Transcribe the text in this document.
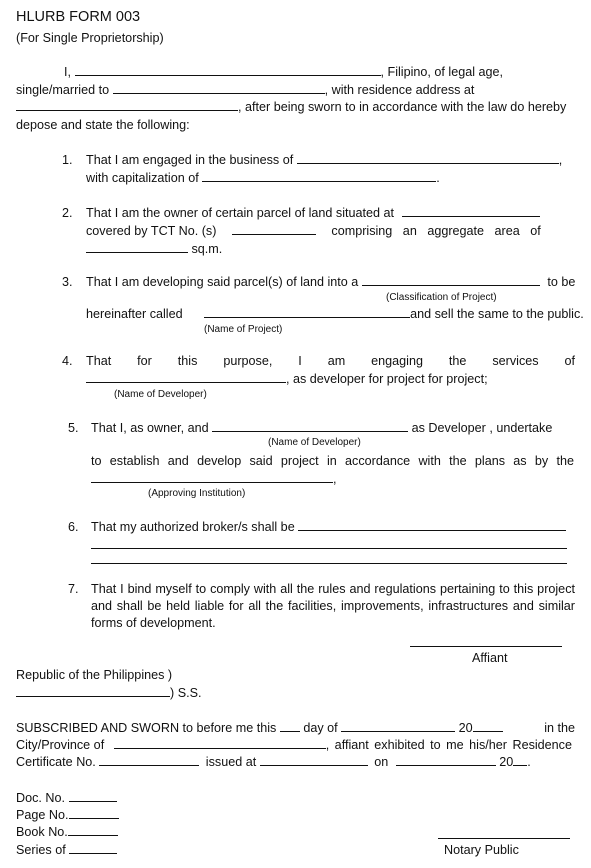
HLURB FORM 003
(For Single Proprietorship)
I,	, Filipino, of legal age,
single/married to	, with residence address at
, after being sworn to in accordance with the law do hereby
depose and state the following:
1. That I am engaged in the business of	,
with capitalization of	.
2. That I am the owner of certain parcel of land situated at
covered by TCT No. (s)	comprising an aggregate area of
sq.m.
3. That I am developing said parcel(s) of land into a	to be
(Classification of Project)
hereinafter called	and sell the same to the public.
(Name of Project)
4. That for this purpose, I am engaging the services of
, as developer for project for project;
(Name of Developer)
5. That I, as owner, and	as Developer , undertake
(Name of Developer)
to establish and develop said project in accordance with the plans as by the
,
(Approving Institution)
6. That my authorized broker/s shall be
7. That I bind myself to comply with all the rules and regulations pertaining to this project
and shall be held liable for all the facilities, improvements, infrastructures and similar
forms of development.
Affiant
Republic of the Philippines )
) S.S.
SUBSCRIBED AND SWORN to before me this day of	20	in the
City/Province of	, affiant exhibited to me his/her Residence
Certificate No.	issued at	on	20 .
Doc. No.
Page No.
Book No.
Series of	Notary Public
